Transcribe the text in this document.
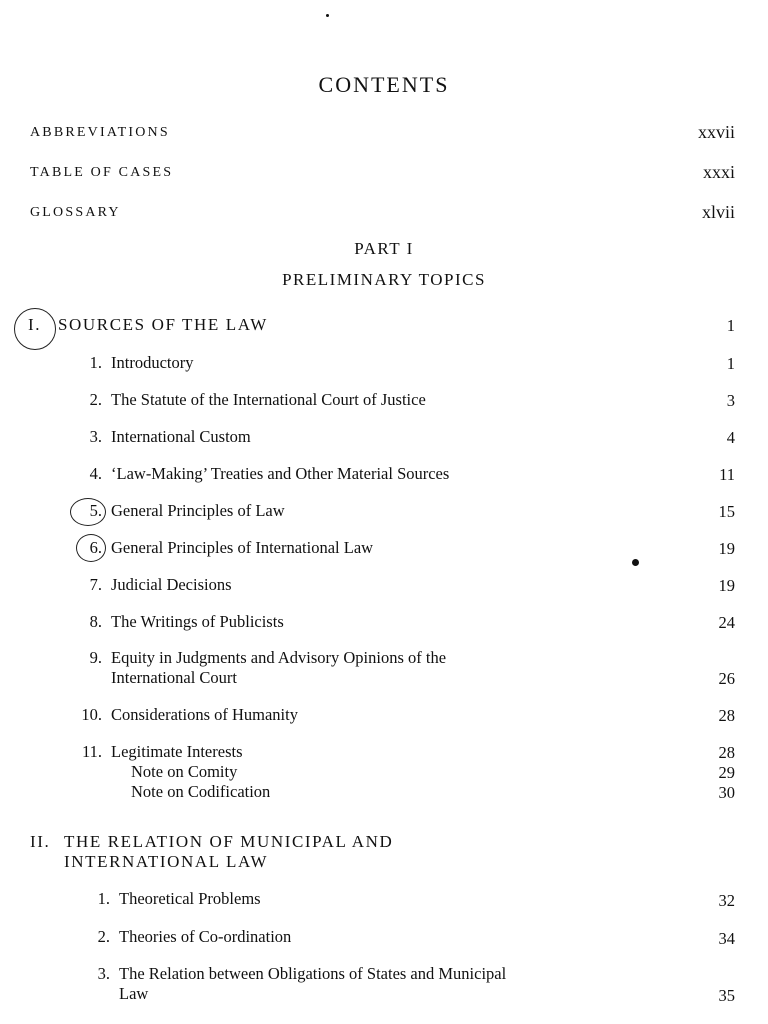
CONTENTS
ABBREVIATIONS	xxvii
TABLE OF CASES	xxxi
GLOSSARY	xlvii
PART I
PRELIMINARY TOPICS
I. SOURCES OF THE LAW	1
1. Introductory	1
2. The Statute of the International Court of Justice	3
3. International Custom	4
4. ‘Law-Making’ Treaties and Other Material Sources	11
5. General Principles of Law	15
6. General Principles of International Law	19
7. Judicial Decisions	19
8. The Writings of Publicists	24
9. Equity in Judgments and Advisory Opinions of the
International Court	26
10. Considerations of Humanity	28
11. Legitimate Interests	28
Note on Comity	29
Note on Codification	30
II. THE RELATION OF MUNICIPAL AND
INTERNATIONAL LAW
1. Theoretical Problems	32
2. Theories of Co-ordination	34
3. The Relation between Obligations of States and Municipal
Law	35
